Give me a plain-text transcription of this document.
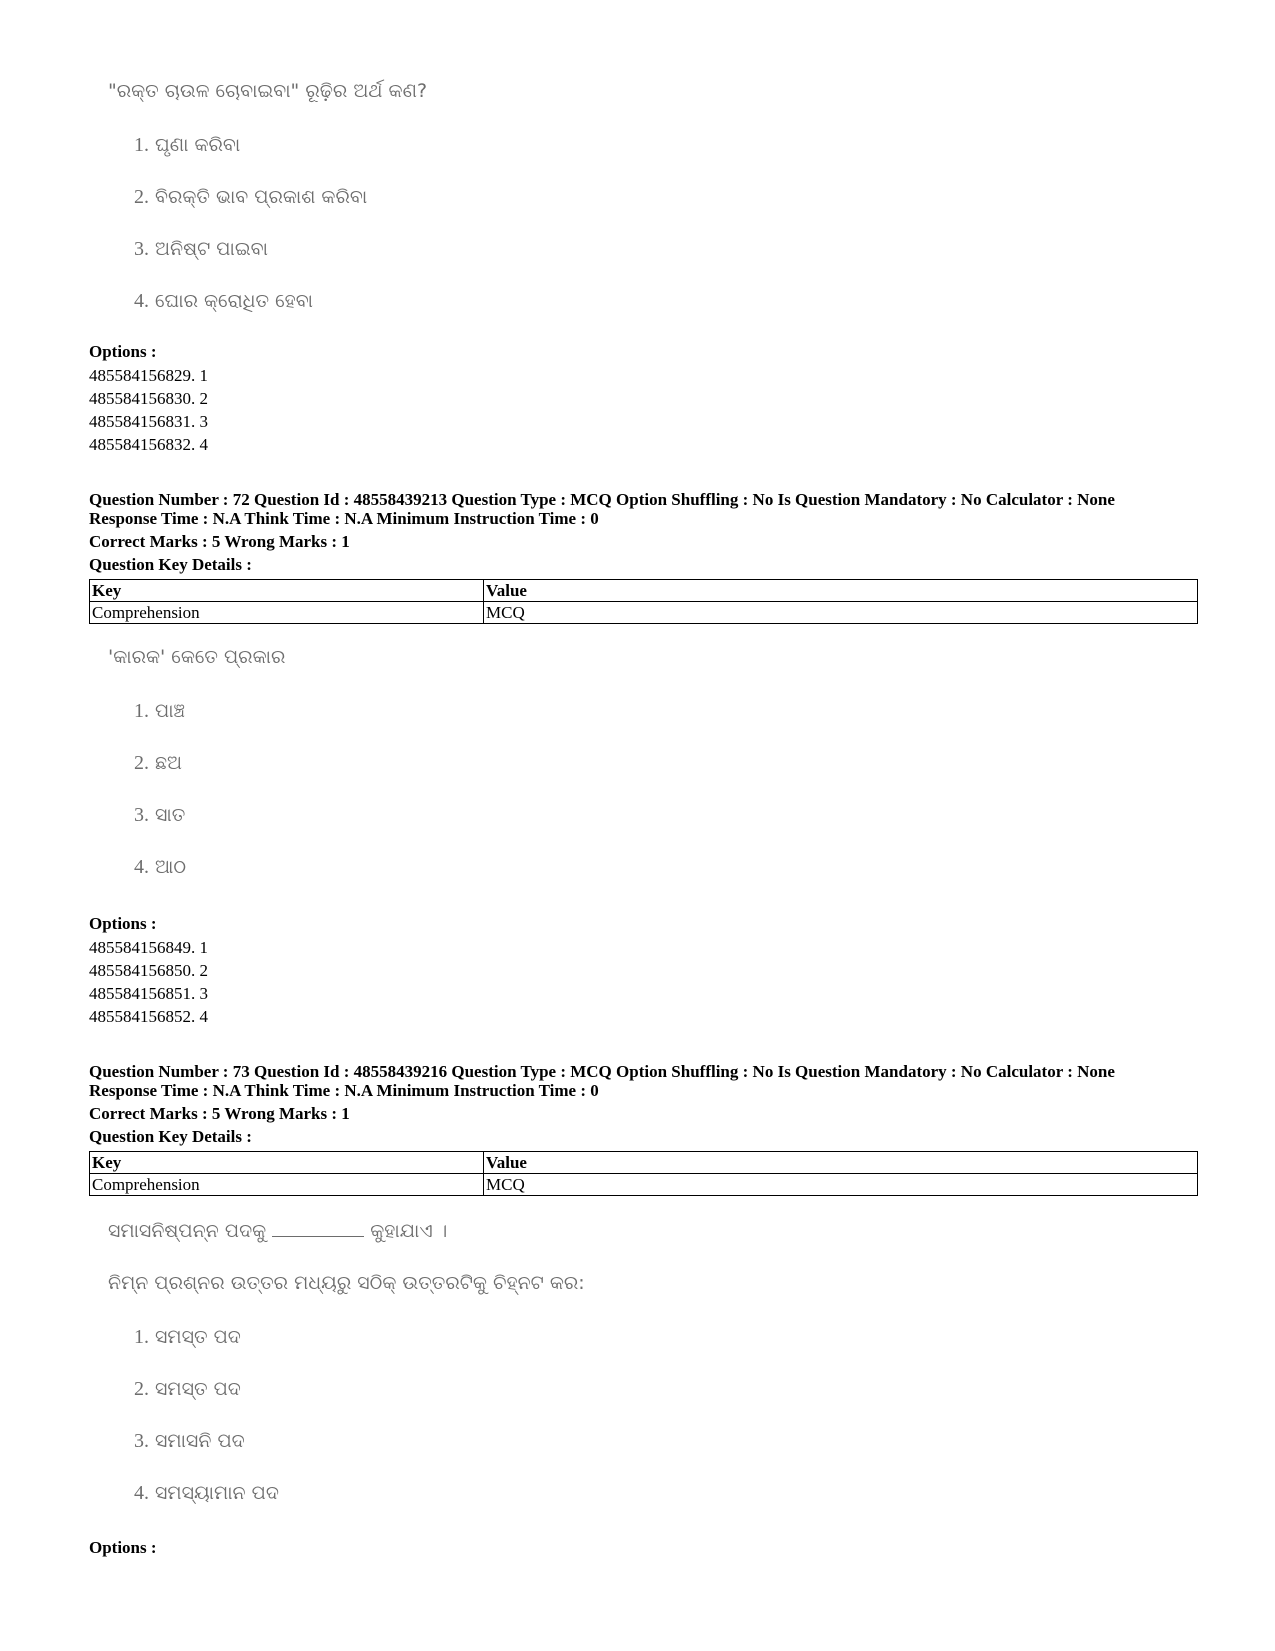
"ରକ୍ତ ଚାଉଳ ଚୋବାଇବା" ରୂଢ଼ିର ଅର୍ଥ କଣ?
1. ଘୃଣା କରିବା
2. ବିରକ୍ତି ଭାବ ପ୍ରକାଶ କରିବା
3. ଅନିଷ୍ଟ ପାଇବା
4. ଘୋର କ୍ରୋଧିତ ହେବା
Options :
485584156829. 1
485584156830. 2
485584156831. 3
485584156832. 4
Question Number : 72 Question Id : 48558439213 Question Type : MCQ Option Shuffling : No Is Question Mandatory : No Calculator : None
Response Time : N.A Think Time : N.A Minimum Instruction Time : 0
Correct Marks : 5 Wrong Marks : 1
Question Key Details :
Key	Value
Comprehension	MCQ
'କାରକ' କେତେ ପ୍ରକାର
1. ପାଞ୍ଚ
2. ଛଅ
3. ସାତ
4. ଆଠ
Options :
485584156849. 1
485584156850. 2
485584156851. 3
485584156852. 4
Question Number : 73 Question Id : 48558439216 Question Type : MCQ Option Shuffling : No Is Question Mandatory : No Calculator : None
Response Time : N.A Think Time : N.A Minimum Instruction Time : 0
Correct Marks : 5 Wrong Marks : 1
Question Key Details :
Key	Value
Comprehension	MCQ
ସମାସନିଷ୍ପନ୍ନ ପଦକୁ	କୁହାଯାଏ ।
ନିମ୍ନ ପ୍ରଶ୍ନର ଉତ୍ତର ମଧ୍ୟରୁ ସଠିକ୍ ଉତ୍ତରଟିକୁ ଚିହ୍ନଟ କର:
1. ସମସ୍ତ ପଦ
2. ସମସ୍ତ ପଦ
3. ସମାସନି ପଦ
4. ସମସ୍ୟାମାନ ପଦ
Options :
